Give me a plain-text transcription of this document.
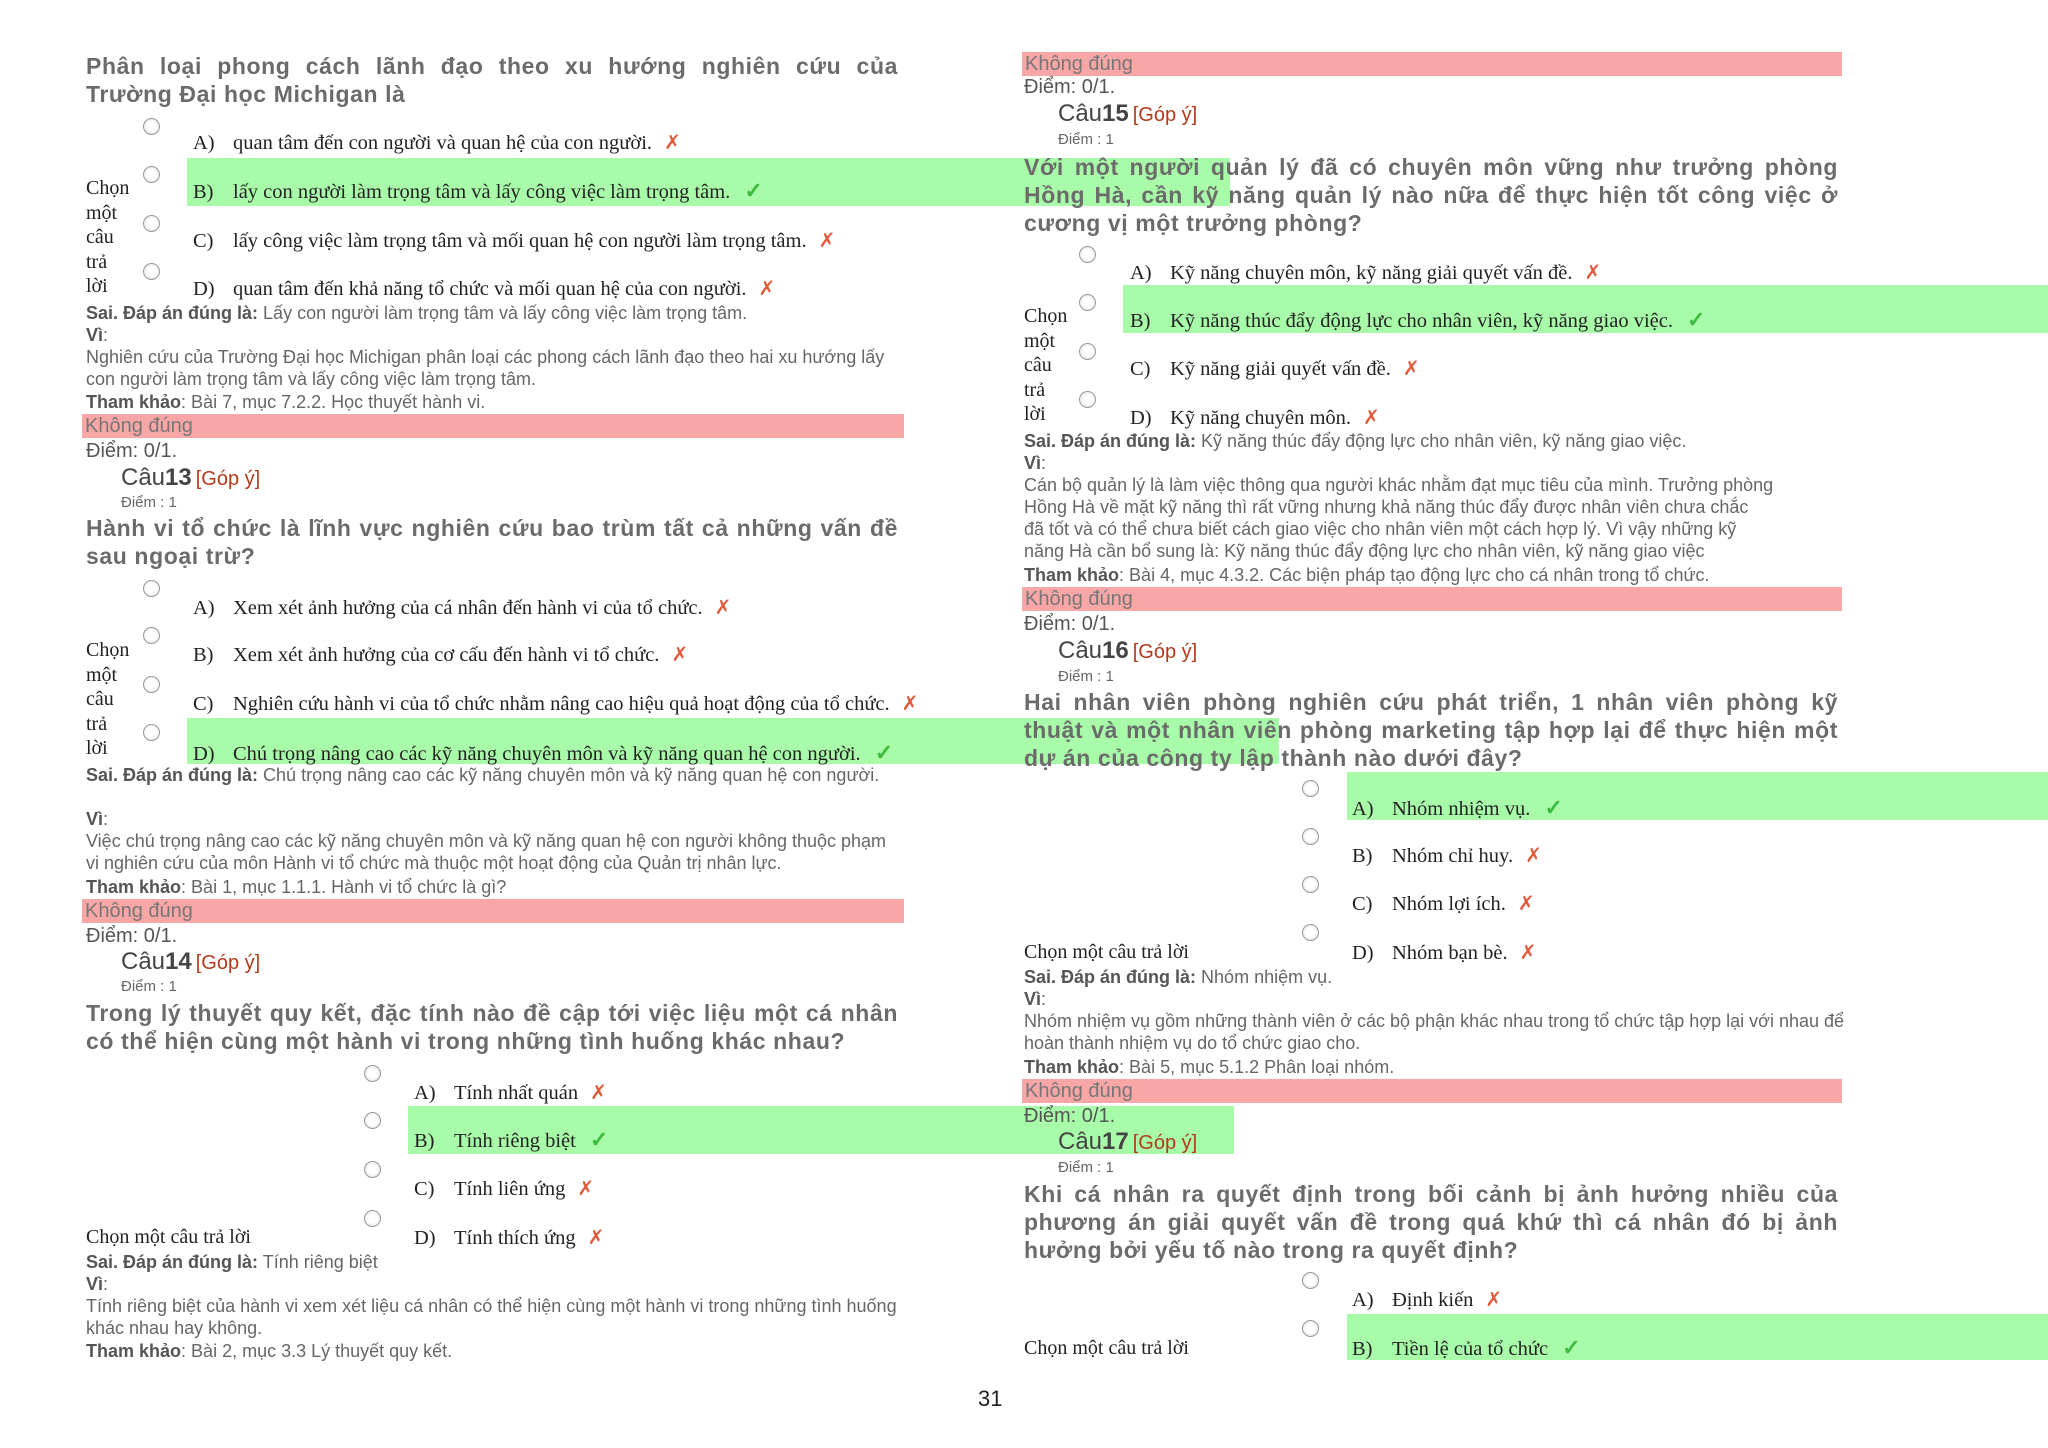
Phân loại phong cách lãnh đạo theo xu hướng nghiên cứu của Trường Đại học Michigan là
Chọn
một
câu
trả
lời
A) quan tâm đến con người và quan hệ của con người. ✗
B) lấy con người làm trọng tâm và lấy công việc làm trọng tâm. ✓
C) lấy công việc làm trọng tâm và mối quan hệ con người làm trọng tâm. ✗
D) quan tâm đến khả năng tổ chức và mối quan hệ của con người. ✗
Sai. Đáp án đúng là: Lấy con người làm trọng tâm và lấy công việc làm trọng tâm.
Vì:
Nghiên cứu của Trường Đại học Michigan phân loại các phong cách lãnh đạo theo hai xu hướng lấy con người làm trọng tâm và lấy công việc làm trọng tâm.
Tham khảo: Bài 7, mục 7.2.2. Học thuyết hành vi.
Không đúng
Điểm: 0/1.
Câu13 [Góp ý]
Điểm : 1
Hành vi tổ chức là lĩnh vực nghiên cứu bao trùm tất cả những vấn đề sau ngoại trừ?
Chọn
một
câu
trả
lời
A) Xem xét ảnh hưởng của cá nhân đến hành vi của tổ chức. ✗
B) Xem xét ảnh hưởng của cơ cấu đến hành vi tổ chức. ✗
C) Nghiên cứu hành vi của tổ chức nhằm nâng cao hiệu quả hoạt động của tổ chức. ✗
D) Chú trọng nâng cao các kỹ năng chuyên môn và kỹ năng quan hệ con người. ✓
Sai. Đáp án đúng là: Chú trọng nâng cao các kỹ năng chuyên môn và kỹ năng quan hệ con người.
Vì:
Việc chú trọng nâng cao các kỹ năng chuyên môn và kỹ năng quan hệ con người không thuộc phạm vi nghiên cứu của môn Hành vi tổ chức mà thuộc một hoạt động của Quản trị nhân lực.
Tham khảo: Bài 1, mục 1.1.1. Hành vi tổ chức là gì?
Không đúng
Điểm: 0/1.
Câu14 [Góp ý]
Điểm : 1
Trong lý thuyết quy kết, đặc tính nào đề cập tới việc liệu một cá nhân có thể hiện cùng một hành vi trong những tình huống khác nhau?
A) Tính nhất quán ✗
B) Tính riêng biệt ✓
C) Tính liên ứng ✗
D) Tính thích ứng ✗
Chọn một câu trả lời
Sai. Đáp án đúng là: Tính riêng biệt
Vì:
Tính riêng biệt của hành vi xem xét liệu cá nhân có thể hiện cùng một hành vi trong những tình huống khác nhau hay không.
Tham khảo: Bài 2, mục 3.3 Lý thuyết quy kết.
Không đúng
Điểm: 0/1.
Câu15 [Góp ý]
Điểm : 1
Với một người quản lý đã có chuyên môn vững như trưởng phòng Hồng Hà, cần kỹ năng quản lý nào nữa để thực hiện tốt công việc ở cương vị một trưởng phòng?
Chọn
một
câu
trả
lời
A) Kỹ năng chuyên môn, kỹ năng giải quyết vấn đề. ✗
B) Kỹ năng thúc đẩy động lực cho nhân viên, kỹ năng giao việc. ✓
C) Kỹ năng giải quyết vấn đề. ✗
D) Kỹ năng chuyên môn. ✗
Sai. Đáp án đúng là: Kỹ năng thúc đẩy động lực cho nhân viên, kỹ năng giao việc.
Vì:
Cán bộ quản lý là làm việc thông qua người khác nhằm đạt mục tiêu của mình. Trưởng phòng
Hồng Hà về mặt kỹ năng thì rất vững nhưng khả năng thúc đẩy được nhân viên chưa chắc
đã tốt và có thể chưa biết cách giao việc cho nhân viên một cách hợp lý. Vì vậy những kỹ
năng Hà cần bổ sung là: Kỹ năng thúc đẩy động lực cho nhân viên, kỹ năng giao việc
Tham khảo: Bài 4, mục 4.3.2. Các biện pháp tạo động lực cho cá nhân trong tổ chức.
Không đúng
Điểm: 0/1.
Câu16 [Góp ý]
Điểm : 1
Hai nhân viên phòng nghiên cứu phát triển, 1 nhân viên phòng kỹ thuật và một nhân viên phòng marketing tập hợp lại để thực hiện một dự án của công ty lập thành nào dưới đây?
A) Nhóm nhiệm vụ. ✓
B) Nhóm chỉ huy. ✗
C) Nhóm lợi ích. ✗
D) Nhóm bạn bè. ✗
Chọn một câu trả lời
Sai. Đáp án đúng là: Nhóm nhiệm vụ.
Vì:
Nhóm nhiệm vụ gồm những thành viên ở các bộ phận khác nhau trong tổ chức tập hợp lại với nhau để hoàn thành nhiệm vụ do tổ chức giao cho.
Tham khảo: Bài 5, mục 5.1.2 Phân loại nhóm.
Không đúng
Điểm: 0/1.
Câu17 [Góp ý]
Điểm : 1
Khi cá nhân ra quyết định trong bối cảnh bị ảnh hưởng nhiều của phương án giải quyết vấn đề trong quá khứ thì cá nhân đó bị ảnh hưởng bởi yếu tố nào trong ra quyết định?
A) Định kiến ✗
B) Tiền lệ của tổ chức ✓
Chọn một câu trả lời
31
